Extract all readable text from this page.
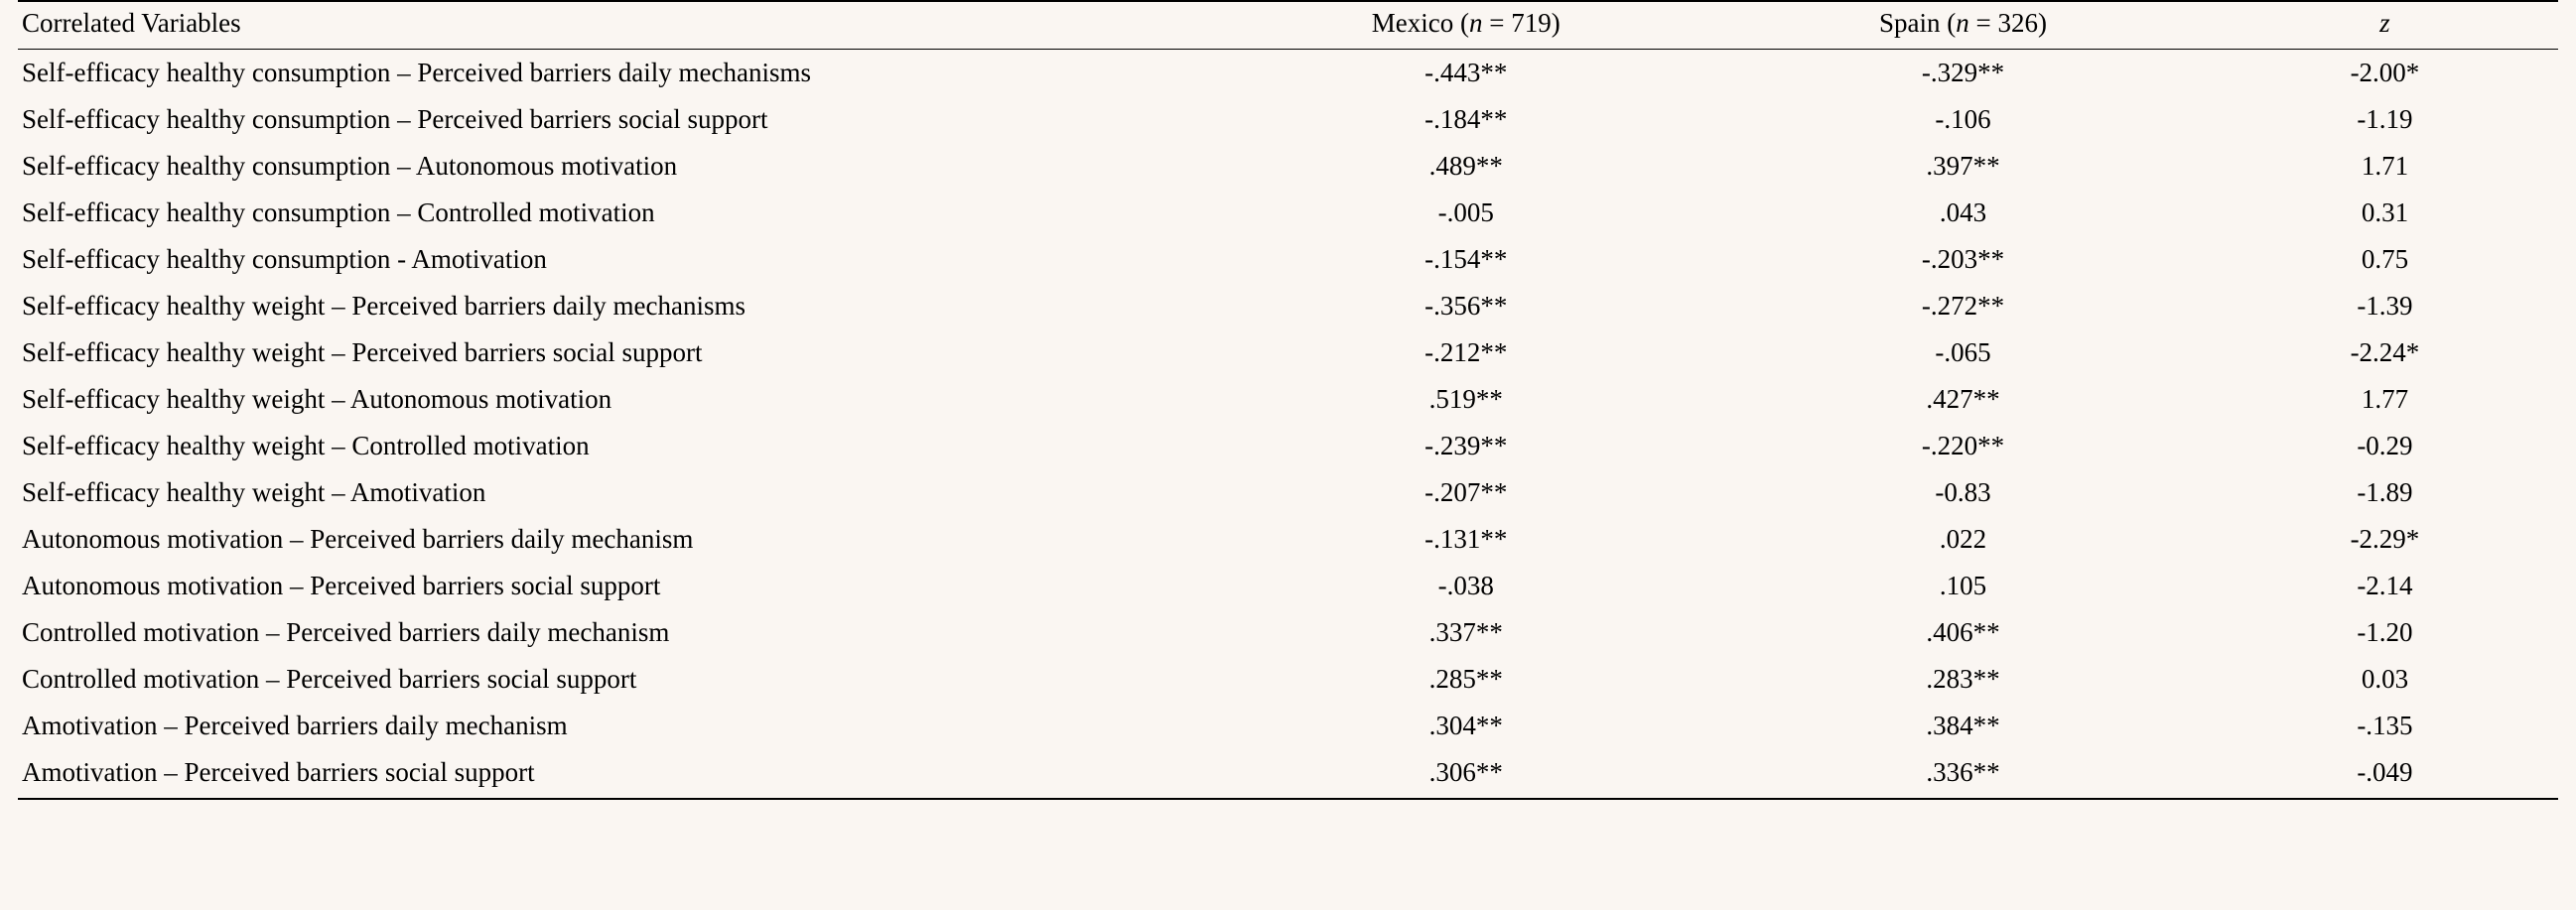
Correlated Variables	Mexico (n = 719)	Spain (n = 326)	z
Self-efficacy healthy consumption – Perceived barriers daily mechanisms	-.443**	-.329**	-2.00*
Self-efficacy healthy consumption – Perceived barriers social support	-.184**	-.106	-1.19
Self-efficacy healthy consumption – Autonomous motivation	.489**	.397**	1.71
Self-efficacy healthy consumption – Controlled motivation	-.005	.043	0.31
Self-efficacy healthy consumption - Amotivation	-.154**	-.203**	0.75
Self-efficacy healthy weight – Perceived barriers daily mechanisms	-.356**	-.272**	-1.39
Self-efficacy healthy weight – Perceived barriers social support	-.212**	-.065	-2.24*
Self-efficacy healthy weight – Autonomous motivation	.519**	.427**	1.77
Self-efficacy healthy weight – Controlled motivation	-.239**	-.220**	-0.29
Self-efficacy healthy weight – Amotivation	-.207**	-0.83	-1.89
Autonomous motivation – Perceived barriers daily mechanism	-.131**	.022	-2.29*
Autonomous motivation – Perceived barriers social support	-.038	.105	-2.14
Controlled motivation – Perceived barriers daily mechanism	.337**	.406**	-1.20
Controlled motivation – Perceived barriers social support	.285**	.283**	0.03
Amotivation – Perceived barriers daily mechanism	.304**	.384**	-.135
Amotivation – Perceived barriers social support	.306**	.336**	-.049
